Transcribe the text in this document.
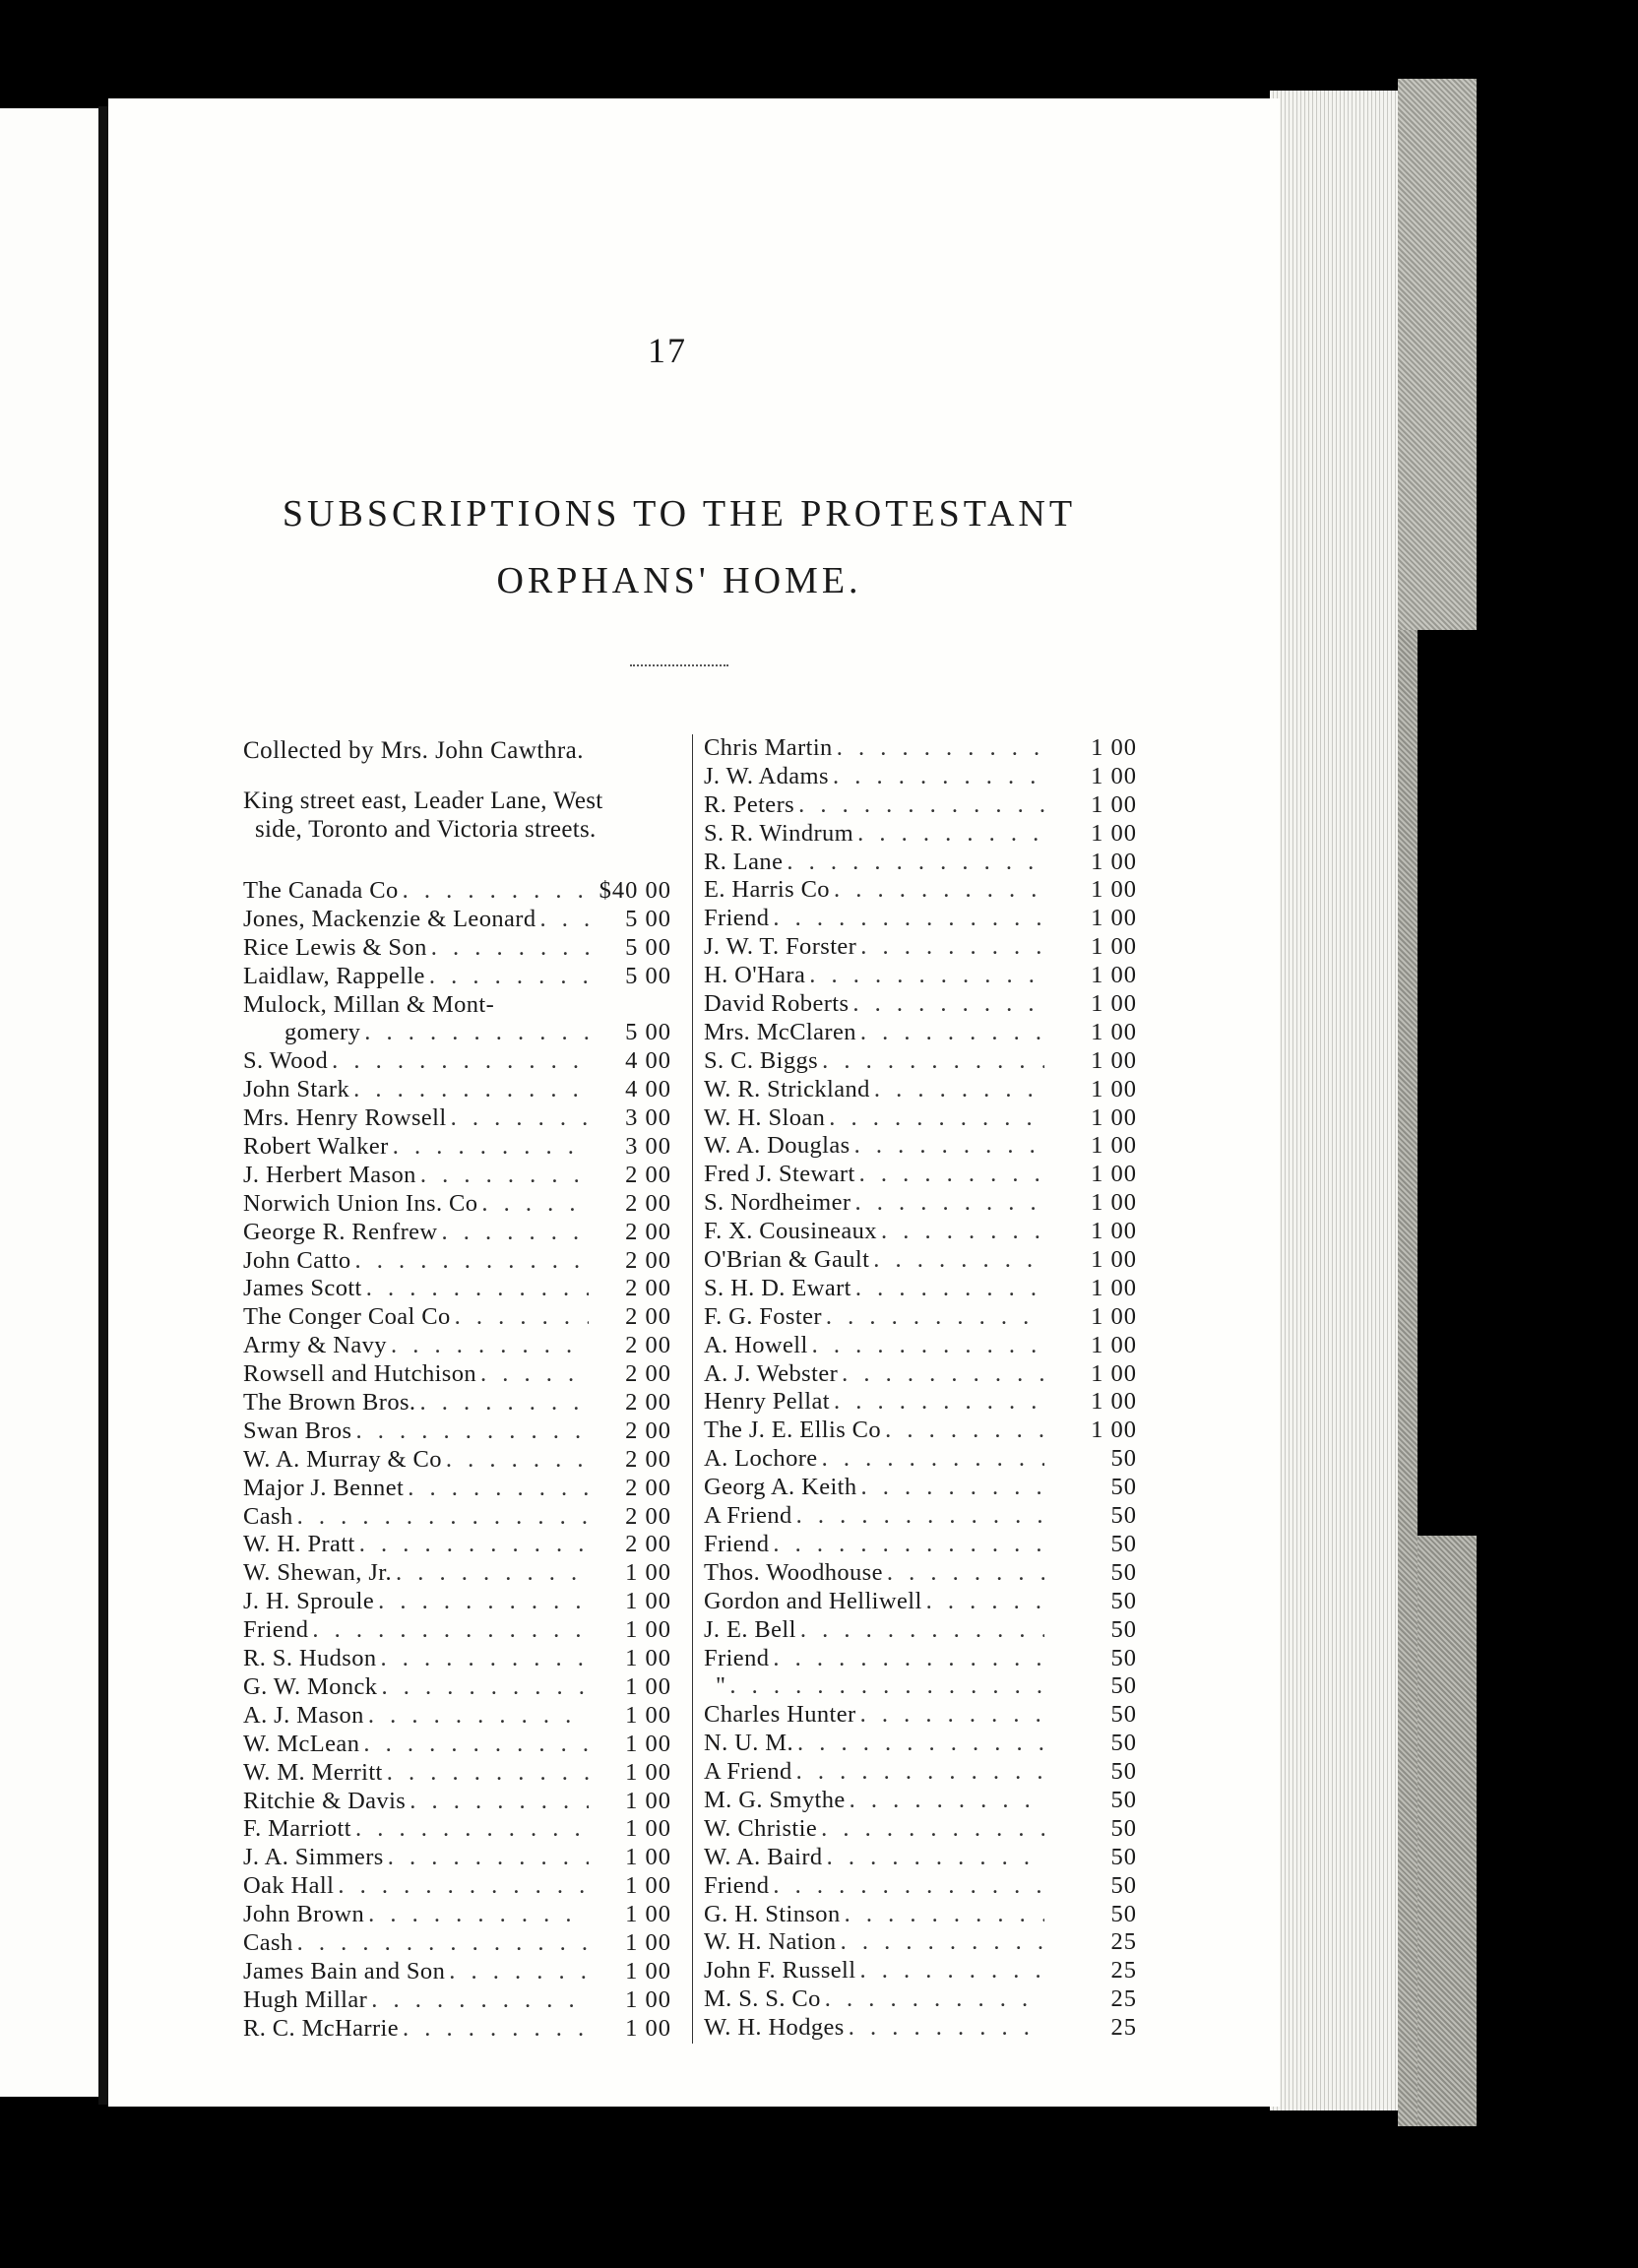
17
SUBSCRIPTIONS TO THE PROTESTANT
ORPHANS' HOME.

Collected by Mrs. John Cawthra.

King street east, Leader Lane, West
side, Toronto and Victoria streets.

The Canada Co . . .	$40 00
Jones, Mackenzie & Leonard . . .	5 00
Rice Lewis & Son . . .	5 00
Laidlaw, Rappelle . . .	5 00
Mulock, Millan & Mont-
gomery . . .	5 00
S. Wood . . .	4 00
John Stark . . .	4 00
Mrs. Henry Rowsell . . .	3 00
Robert Walker . . .	3 00
J. Herbert Mason . . .	2 00
Norwich Union Ins. Co . . .	2 00
George R. Renfrew . . .	2 00
John Catto . . .	2 00
James Scott . . .	2 00
The Conger Coal Co . . .	2 00
Army & Navy . . .	2 00
Rowsell and Hutchison . . .	2 00
The Brown Bros. . . .	2 00
Swan Bros . . .	2 00
W. A. Murray & Co . . .	2 00
Major J. Bennet . . .	2 00
Cash . . .	2 00
W. H. Pratt . . .	2 00
W. Shewan, Jr. . . .	1 00
J. H. Sproule . . .	1 00
Friend . . .	1 00
R. S. Hudson . . .	1 00
G. W. Monck . . .	1 00
A. J. Mason . . .	1 00
W. McLean . . .	1 00
W. M. Merritt . . .	1 00
Ritchie & Davis . . .	1 00
F. Marriott . . .	1 00
J. A. Simmers . . .	1 00
Oak Hall . . .	1 00
John Brown . . .	1 00
Cash . . .	1 00
James Bain and Son . . .	1 00
Hugh Millar . . .	1 00
R. C. McHarrie . . .	1 00
Chris Martin . . .	1 00
J. W. Adams . . .	1 00
R. Peters . . .	1 00
S. R. Windrum . . .	1 00
R. Lane . . .	1 00
E. Harris Co . . .	1 00
Friend . . .	1 00
J. W. T. Forster . . .	1 00
H. O'Hara . . .	1 00
David Roberts . . .	1 00
Mrs. McClaren . . .	1 00
S. C. Biggs . . .	1 00
W. R. Strickland . . .	1 00
W. H. Sloan . . .	1 00
W. A. Douglas . . .	1 00
Fred J. Stewart . . .	1 00
S. Nordheimer . . .	1 00
F. X. Cousineaux . . .	1 00
O'Brian & Gault . . .	1 00
S. H. D. Ewart . . .	1 00
F. G. Foster . . .	1 00
A. Howell . . .	1 00
A. J. Webster . . .	1 00
Henry Pellat . . .	1 00
The J. E. Ellis Co . . .	1 00
A. Lochore . . .	50
Georg A. Keith . . .	50
A Friend . . .	50
Friend . . .	50
Thos. Woodhouse . . .	50
Gordon and Helliwell . . .	50
J. E. Bell . . .	50
Friend . . .	50
" . . .	50
Charles Hunter . . .	50
N. U. M. . . .	50
A Friend . . .	50
M. G. Smythe . . .	50
W. Christie . . .	50
W. A. Baird . . .	50
Friend . . .	50
G. H. Stinson . . .	50
W. H. Nation . . .	25
John F. Russell . . .	25
M. S. S. Co . . .	25
W. H. Hodges . . .	25
